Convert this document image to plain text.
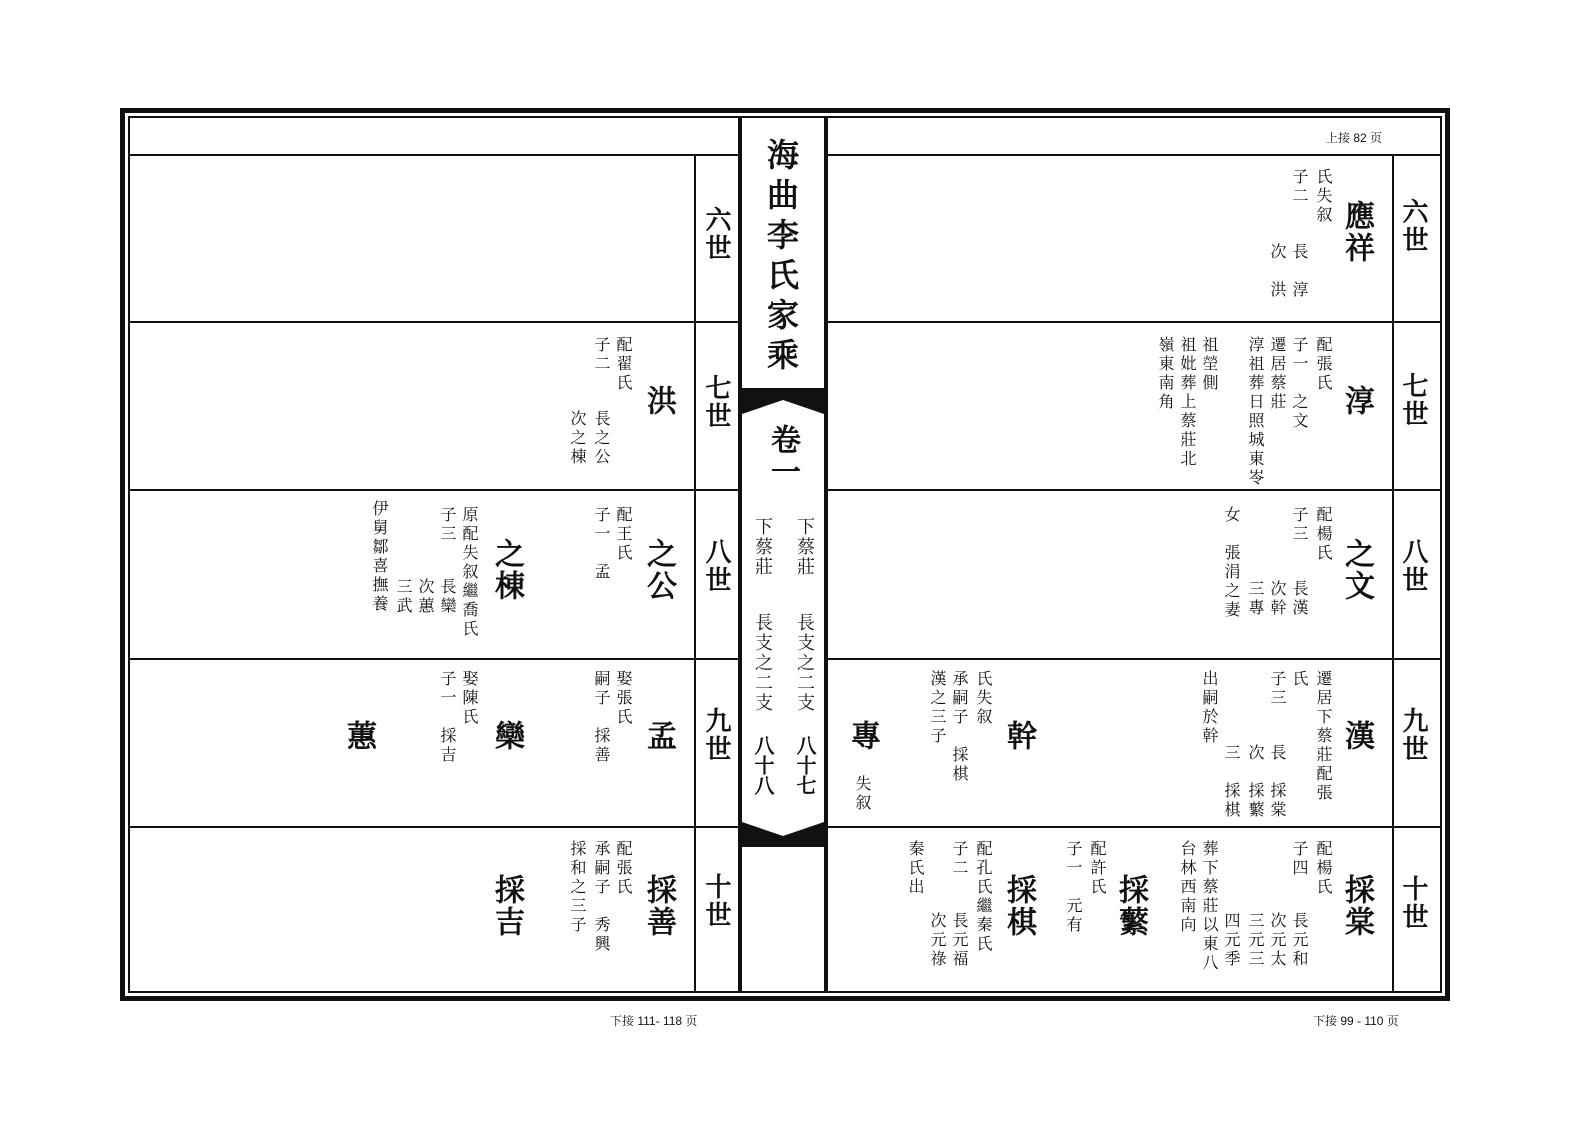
上接 82 页
下接 111- 118 页	下接 99 - 110 页
海曲李氏家乘
卷一
下蔡莊
長支之二支
八十七
下蔡莊
長支之二支
八十八
六世
七世
八世
九世
十世
六世
七世
八世
九世
十世
應祥
氏失叙
子二
長　淳
次　洪
淳
配張氏
子一　之文
遷居蔡莊
淳祖葬日照城東岺
祖塋側
祖妣葬上蔡莊北
嶺東南角
之文
配楊氏
子三
長漢
次幹
三專
女　張涓之妻
漢
遷居下蔡莊配張
氏
子三
長　採棠
次　採蘩
三　採棋
出嗣於幹
幹
氏失叙
承嗣子　採棋
漢之三子
專
失叙
採棠
配楊氏
子四
長元和
次元太
三元三
四元季
葬下蔡莊以東八
台林西南向
採蘩
配許氏
子一　元有
採棋
配孔氏繼秦氏
子二
長元福
次元祿
秦氏出
洪
配翟氏
子二
長之公
次之棟
之公
配王氏
子一　孟
之棟
原配失叙繼喬氏
子三
長欒
次蕙
三武
伊舅鄒喜撫養
孟
娶張氏
嗣子　採善
欒
娶陳氏
子一　採吉
蕙
採善
配張氏
承嗣子　秀興
採和之三子
採吉
